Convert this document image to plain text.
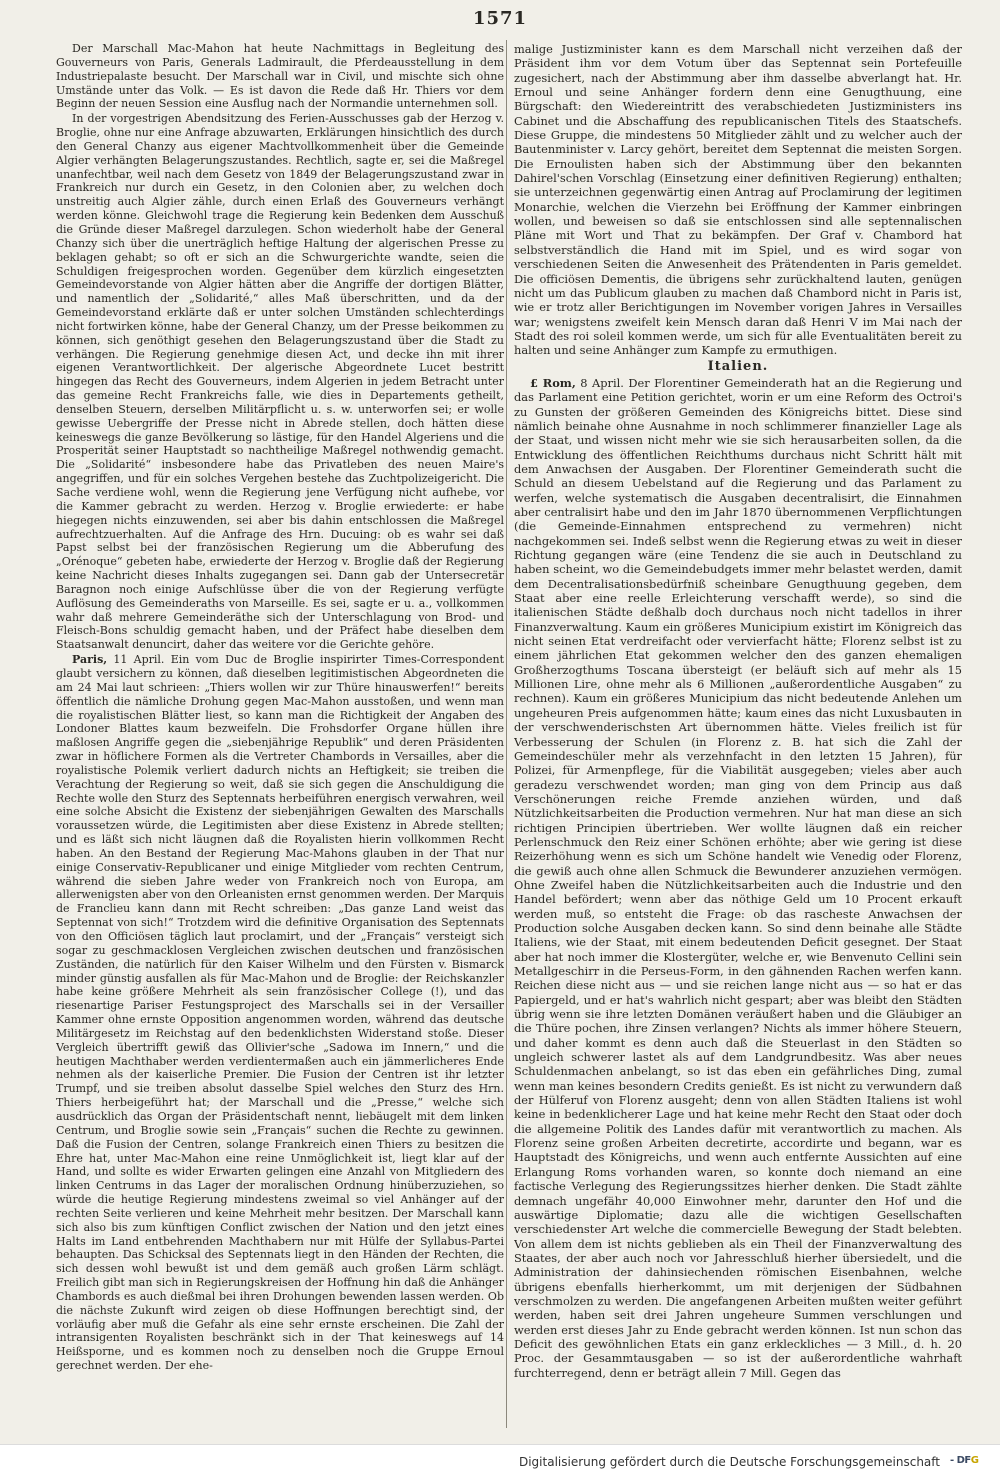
1571

Der Marschall Mac-Mahon hat heute Nachmittags in Begleitung des Gouverneurs von Paris, Generals Ladmirault, die Pferdeausstellung in dem Industriepalaste besucht. Der Marschall war in Civil, und mischte sich ohne Umstände unter das Volk. — Es ist davon die Rede daß Hr. Thiers vor dem Beginn der neuen Session eine Ausflug nach der Normandie unternehmen soll.

In der vorgestrigen Abendsitzung des Ferien-Ausschusses gab der Herzog v. Broglie, ohne nur eine Anfrage abzuwarten, Erklärungen hinsichtlich des durch den General Chanzy aus eigener Machtvollkommenheit über die Gemeinde Algier verhängten Belagerungszustandes. Rechtlich, sagte er, sei die Maßregel unanfechtbar, weil nach dem Gesetz von 1849 der Belagerungszustand zwar in Frankreich nur durch ein Gesetz, in den Colonien aber, zu welchen doch unstreitig auch Algier zähle, durch einen Erlaß des Gouverneurs verhängt werden könne. Gleichwohl trage die Regierung kein Bedenken dem Ausschuß die Gründe dieser Maßregel darzulegen. Schon wiederholt habe der General Chanzy sich über die unerträglich heftige Haltung der algerischen Presse zu beklagen gehabt; so oft er sich an die Schwurgerichte wandte, seien die Schuldigen freigesprochen worden. Gegenüber dem kürzlich eingesetzten Gemeindevorstande von Algier hätten aber die Angriffe der dortigen Blätter, und namentlich der „Solidarité,“ alles Maß überschritten, und da der Gemeindevorstand erklärte daß er unter solchen Umständen schlechterdings nicht fortwirken könne, habe der General Chanzy, um der Presse beikommen zu können, sich genöthigt gesehen den Belagerungszustand über die Stadt zu verhängen. Die Regierung genehmige diesen Act, und decke ihn mit ihrer eigenen Verantwortlichkeit. Der algerische Abgeordnete Lucet bestritt hingegen das Recht des Gouverneurs, indem Algerien in jedem Betracht unter das gemeine Recht Frankreichs falle, wie dies in Departements getheilt, denselben Steuern, derselben Militärpflicht u. s. w. unterworfen sei; er wolle gewisse Uebergriffe der Presse nicht in Abrede stellen, doch hätten diese keineswegs die ganze Bevölkerung so lästige, für den Handel Algeriens und die Prosperität seiner Hauptstadt so nachtheilige Maßregel nothwendig gemacht. Die „Solidarité“ insbesondere habe das Privatleben des neuen Maire's angegriffen, und für ein solches Vergehen bestehe das Zuchtpolizeigericht. Die Sache verdiene wohl, wenn die Regierung jene Verfügung nicht aufhebe, vor die Kammer gebracht zu werden. Herzog v. Broglie erwiederte: er habe hiegegen nichts einzuwenden, sei aber bis dahin entschlossen die Maßregel aufrechtzuerhalten. Auf die Anfrage des Hrn. Ducuing: ob es wahr sei daß Papst selbst bei der französischen Regierung um die Abberufung des „Orénoque“ gebeten habe, erwiederte der Herzog v. Broglie daß der Regierung keine Nachricht dieses Inhalts zugegangen sei. Dann gab der Untersecretär Baragnon noch einige Aufschlüsse über die von der Regierung verfügte Auflösung des Gemeinderaths von Marseille. Es sei, sagte er u. a., vollkommen wahr daß mehrere Gemeinderäthe sich der Unterschlagung von Brod- und Fleisch-Bons schuldig gemacht haben, und der Präfect habe dieselben dem Staatsanwalt denuncirt, daher das weitere vor die Gerichte gehöre.

Paris, 11 April. Ein vom Duc de Broglie inspirirter Times-Correspondent glaubt versichern zu können, daß dieselben legitimistischen Abgeordneten die am 24 Mai laut schrieen: „Thiers wollen wir zur Thüre hinauswerfen!“ bereits öffentlich die nämliche Drohung gegen Mac-Mahon ausstoßen, und wenn man die royalistischen Blätter liest, so kann man die Richtigkeit der Angaben des Londoner Blattes kaum bezweifeln. Die Frohsdorfer Organe hüllen ihre maßlosen Angriffe gegen die „siebenjährige Republik“ und deren Präsidenten zwar in höflichere Formen als die Vertreter Chambords in Versailles, aber die royalistische Polemik verliert dadurch nichts an Heftigkeit; sie treiben die Verachtung der Regierung so weit, daß sie sich gegen die Anschuldigung die Rechte wolle den Sturz des Septennats herbeiführen energisch verwahren, weil eine solche Absicht die Existenz der siebenjährigen Gewalten des Marschalls voraussetzen würde, die Legitimisten aber diese Existenz in Abrede stellten; und es läßt sich nicht läugnen daß die Royalisten hierin vollkommen Recht haben. An den Bestand der Regierung Mac-Mahons glauben in der That nur einige Conservativ-Republicaner und einige Mitglieder vom rechten Centrum, während die sieben Jahre weder von Frankreich noch von Europa, am allerwenigsten aber von den Orleanisten ernst genommen werden. Der Marquis de Franclieu kann dann mit Recht schreiben: „Das ganze Land weist das Septennat von sich!“ Trotzdem wird die definitive Organisation des Septennats von den Officiösen täglich laut proclamirt, und der „Français“ versteigt sich sogar zu geschmacklosen Vergleichen zwischen deutschen und französischen Zuständen, die natürlich für den Kaiser Wilhelm und den Fürsten v. Bismarck minder günstig ausfallen als für Mac-Mahon und de Broglie: der Reichskanzler habe keine größere Mehrheit als sein französischer College (!), und das riesenartige Pariser Festungsproject des Marschalls sei in der Versailler Kammer ohne ernste Opposition angenommen worden, während das deutsche Militärgesetz im Reichstag auf den bedenklichsten Widerstand stoße. Dieser Vergleich übertrifft gewiß das Ollivier'sche „Sadowa im Innern,“ und die heutigen Machthaber werden verdientermaßen auch ein jämmerlicheres Ende nehmen als der kaiserliche Premier. Die Fusion der Centren ist ihr letzter Trumpf, und sie treiben absolut dasselbe Spiel welches den Sturz des Hrn. Thiers herbeigeführt hat; der Marschall und die „Presse,“ welche sich ausdrücklich das Organ der Präsidentschaft nennt, liebäugelt mit dem linken Centrum, und Broglie sowie sein „Français“ suchen die Rechte zu gewinnen. Daß die Fusion der Centren, solange Frankreich einen Thiers zu besitzen die Ehre hat, unter Mac-Mahon eine reine Unmöglichkeit ist, liegt klar auf der Hand, und sollte es wider Erwarten gelingen eine Anzahl von Mitgliedern des linken Centrums in das Lager der moralischen Ordnung hinüberzuziehen, so würde die heutige Regierung mindestens zweimal so viel Anhänger auf der rechten Seite verlieren und keine Mehrheit mehr besitzen. Der Marschall kann sich also bis zum künftigen Conflict zwischen der Nation und den jetzt eines Halts im Land entbehrenden Machthabern nur mit Hülfe der Syllabus-Partei behaupten. Das Schicksal des Septennats liegt in den Händen der Rechten, die sich dessen wohl bewußt ist und dem gemäß auch großen Lärm schlägt. Freilich gibt man sich in Regierungskreisen der Hoffnung hin daß die Anhänger Chambords es auch dießmal bei ihren Drohungen bewenden lassen werden. Ob die nächste Zukunft wird zeigen ob diese Hoffnungen berechtigt sind, der vorläufig aber muß die Gefahr als eine sehr ernste erscheinen. Die Zahl der intransigenten Royalisten beschränkt sich in der That keineswegs auf 14 Heißsporne, und es kommen noch zu denselben noch die Gruppe Ernoul gerechnet werden. Der ehe-

malige Justizminister kann es dem Marschall nicht verzeihen daß der Präsident ihm vor dem Votum über das Septennat sein Portefeuille zugesichert, nach der Abstimmung aber ihm dasselbe abverlangt hat. Hr. Ernoul und seine Anhänger fordern denn eine Genugthuung, eine Bürgschaft: den Wiedereintritt des verabschiedeten Justizministers ins Cabinet und die Abschaffung des republicanischen Titels des Staatschefs. Diese Gruppe, die mindestens 50 Mitglieder zählt und zu welcher auch der Bautenminister v. Larcy gehört, bereitet dem Septennat die meisten Sorgen. Die Ernoulisten haben sich der Abstimmung über den bekannten Dahirel'schen Vorschlag (Einsetzung einer definitiven Regierung) enthalten; sie unterzeichnen gegenwärtig einen Antrag auf Proclamirung der legitimen Monarchie, welchen die Vierzehn bei Eröffnung der Kammer einbringen wollen, und beweisen so daß sie entschlossen sind alle septennalischen Pläne mit Wort und That zu bekämpfen. Der Graf v. Chambord hat selbstverständlich die Hand mit im Spiel, und es wird sogar von verschiedenen Seiten die Anwesenheit des Prätendenten in Paris gemeldet. Die officiösen Dementis, die übrigens sehr zurückhaltend lauten, genügen nicht um das Publicum glauben zu machen daß Chambord nicht in Paris ist, wie er trotz aller Berichtigungen im November vorigen Jahres in Versailles war; wenigstens zweifelt kein Mensch daran daß Henri V im Mai nach der Stadt des roi soleil kommen werde, um sich für alle Eventualitäten bereit zu halten und seine Anhänger zum Kampfe zu ermuthigen.

Italien.

£ Rom, 8 April. Der Florentiner Gemeinderath hat an die Regierung und das Parlament eine Petition gerichtet, worin er um eine Reform des Octroi's zu Gunsten der größeren Gemeinden des Königreichs bittet. Diese sind nämlich beinahe ohne Ausnahme in noch schlimmerer finanzieller Lage als der Staat, und wissen nicht mehr wie sie sich herausarbeiten sollen, da die Entwicklung des öffentlichen Reichthums durchaus nicht Schritt hält mit dem Anwachsen der Ausgaben. Der Florentiner Gemeinderath sucht die Schuld an diesem Uebelstand auf die Regierung und das Parlament zu werfen, welche systematisch die Ausgaben decentralisirt, die Einnahmen aber centralisirt habe und den im Jahr 1870 übernommenen Verpflichtungen (die Gemeinde-Einnahmen entsprechend zu vermehren) nicht nachgekommen sei. Indeß selbst wenn die Regierung etwas zu weit in dieser Richtung gegangen wäre (eine Tendenz die sie auch in Deutschland zu haben scheint, wo die Gemeindebudgets immer mehr belastet werden, damit dem Decentralisationsbedürfniß scheinbare Genugthuung gegeben, dem Staat aber eine reelle Erleichterung verschafft werde), so sind die italienischen Städte deßhalb doch durchaus noch nicht tadellos in ihrer Finanzverwaltung. Kaum ein größeres Municipium existirt im Königreich das nicht seinen Etat verdreifacht oder vervierfacht hätte; Florenz selbst ist zu einem jährlichen Etat gekommen welcher den des ganzen ehemaligen Großherzogthums Toscana übersteigt (er beläuft sich auf mehr als 15 Millionen Lire, ohne mehr als 6 Millionen „außerordentliche Ausgaben“ zu rechnen). Kaum ein größeres Municipium das nicht bedeutende Anlehen um ungeheuren Preis aufgenommen hätte; kaum eines das nicht Luxusbauten in der verschwenderischsten Art übernommen hätte. Vieles freilich ist für Verbesserung der Schulen (in Florenz z. B. hat sich die Zahl der Gemeindeschüler mehr als verzehnfacht in den letzten 15 Jahren), für Polizei, für Armenpflege, für die Viabilität ausgegeben; vieles aber auch geradezu verschwendet worden; man ging von dem Princip aus daß Verschönerungen reiche Fremde anziehen würden, und daß Nützlichkeitsarbeiten die Production vermehren. Nur hat man diese an sich richtigen Principien übertrieben. Wer wollte läugnen daß ein reicher Perlenschmuck den Reiz einer Schönen erhöhte; aber wie gering ist diese Reizerhöhung wenn es sich um Schöne handelt wie Venedig oder Florenz, die gewiß auch ohne allen Schmuck die Bewunderer anzuziehen vermögen. Ohne Zweifel haben die Nützlichkeitsarbeiten auch die Industrie und den Handel befördert; wenn aber das nöthige Geld um 10 Procent erkauft werden muß, so entsteht die Frage: ob das rascheste Anwachsen der Production solche Ausgaben decken kann. So sind denn beinahe alle Städte Italiens, wie der Staat, mit einem bedeutenden Deficit gesegnet. Der Staat aber hat noch immer die Klostergüter, welche er, wie Benvenuto Cellini sein Metallgeschirr in die Perseus-Form, in den gähnenden Rachen werfen kann. Reichen diese nicht aus — und sie reichen lange nicht aus — so hat er das Papiergeld, und er hat's wahrlich nicht gespart; aber was bleibt den Städten übrig wenn sie ihre letzten Domänen veräußert haben und die Gläubiger an die Thüre pochen, ihre Zinsen verlangen? Nichts als immer höhere Steuern, und daher kommt es denn auch daß die Steuerlast in den Städten so ungleich schwerer lastet als auf dem Landgrundbesitz. Was aber neues Schuldenmachen anbelangt, so ist das eben ein gefährliches Ding, zumal wenn man keines besondern Credits genießt. Es ist nicht zu verwundern daß der Hülferuf von Florenz ausgeht; denn von allen Städten Italiens ist wohl keine in bedenklicherer Lage und hat keine mehr Recht den Staat oder doch die allgemeine Politik des Landes dafür mit verantwortlich zu machen. Als Florenz seine großen Arbeiten decretirte, accordirte und begann, war es Hauptstadt des Königreichs, und wenn auch entfernte Aussichten auf eine Erlangung Roms vorhanden waren, so konnte doch niemand an eine factische Verlegung des Regierungssitzes hierher denken. Die Stadt zählte demnach ungefähr 40,000 Einwohner mehr, darunter den Hof und die auswärtige Diplomatie; dazu alle die wichtigen Gesellschaften verschiedenster Art welche die commercielle Bewegung der Stadt belebten. Von allem dem ist nichts geblieben als ein Theil der Finanzverwaltung des Staates, der aber auch noch vor Jahresschluß hierher übersiedelt, und die Administration der dahinsiechenden römischen Eisenbahnen, welche übrigens ebenfalls hierherkommt, um mit derjenigen der Südbahnen verschmolzen zu werden. Die angefangenen Arbeiten mußten weiter geführt werden, haben seit drei Jahren ungeheure Summen verschlungen und werden erst dieses Jahr zu Ende gebracht werden können. Ist nun schon das Deficit des gewöhnlichen Etats ein ganz erkleckliches — 3 Mill., d. h. 20 Proc. der Gesammtausgaben — so ist der außerordentliche wahrhaft furchterregend, denn er beträgt allein 7 Mill. Gegen das

Digitalisierung gefördert durch die Deutsche Forschungsgemeinschaft - DFG
